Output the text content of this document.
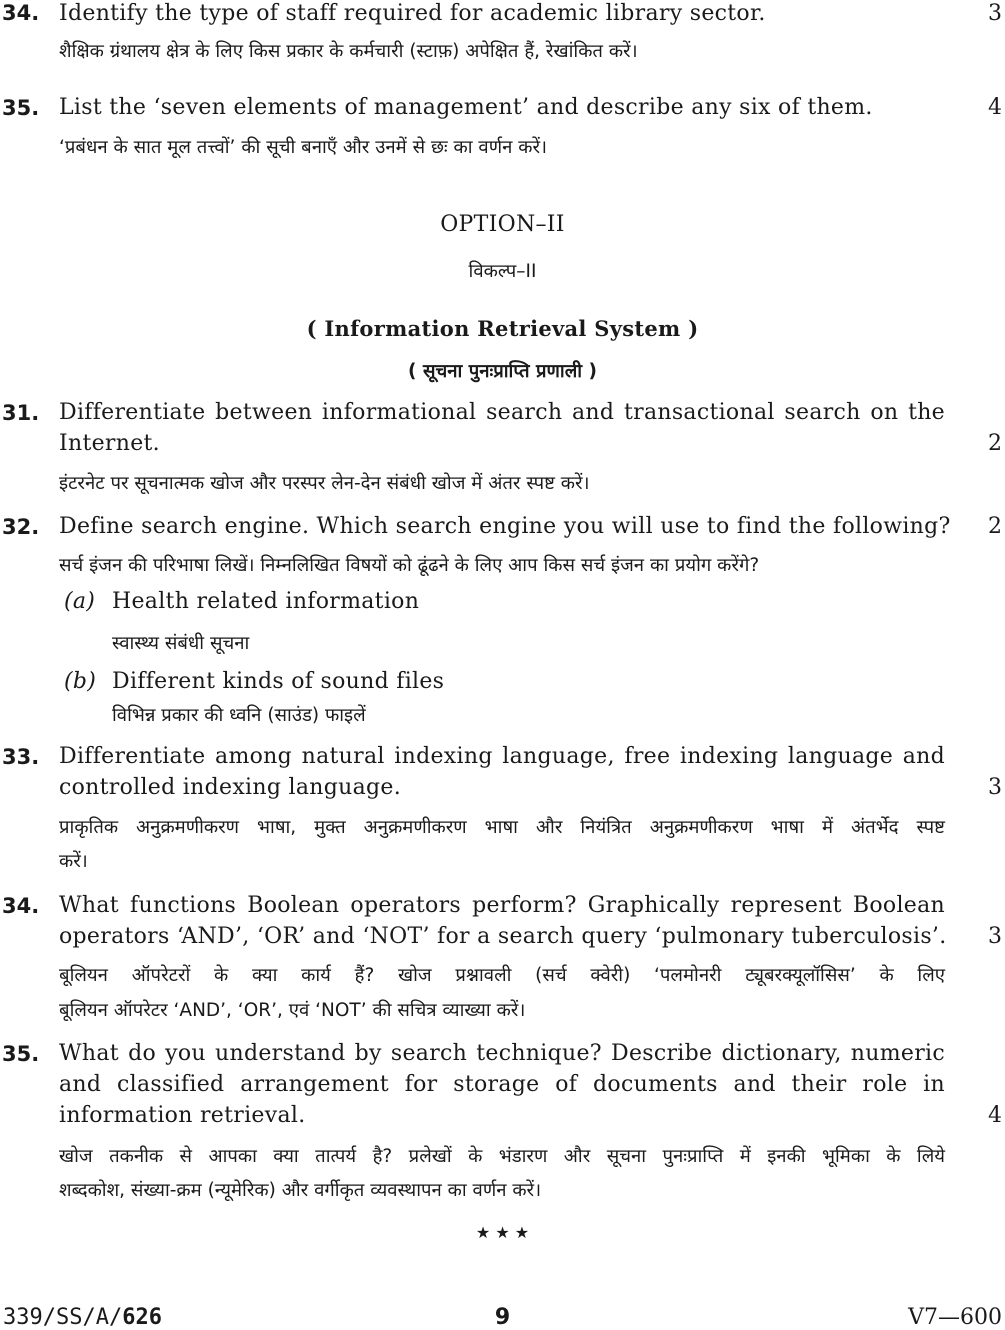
34. Identify the type of staff required for academic library sector.	3
शैक्षिक ग्रंथालय क्षेत्र के लिए किस प्रकार के कर्मचारी (स्टाफ़) अपेक्षित हैं, रेखांकित करें।
35. List the ‘seven elements of management’ and describe any six of them.	4
‘प्रबंधन के सात मूल तत्त्वों’ की सूची बनाएँ और उनमें से छः का वर्णन करें।
OPTION–II
विकल्प–II
( Information Retrieval System )
( सूचना पुनःप्राप्ति प्रणाली )
31. Differentiate between informational search and transactional search on the
Internet.	2
इंटरनेट पर सूचनात्मक खोज और परस्पर लेन-देन संबंधी खोज में अंतर स्पष्ट करें।
32. Define search engine. Which search engine you will use to find the following? 2
सर्च इंजन की परिभाषा लिखें। निम्नलिखित विषयों को ढूंढने के लिए आप किस सर्च इंजन का प्रयोग करेंगे?
(a) Health related information
स्वास्थ्य संबंधी सूचना
(b) Different kinds of sound files
विभिन्न प्रकार की ध्वनि (साउंड) फाइलें
33. Differentiate among natural indexing language, free indexing language and
controlled indexing language.	3
प्राकृतिक अनुक्रमणीकरण भाषा, मुक्त अनुक्रमणीकरण भाषा और नियंत्रित अनुक्रमणीकरण भाषा में अंतर्भेद स्पष्ट
करें।
34. What functions Boolean operators perform? Graphically represent Boolean
operators ‘AND’, ‘OR’ and ‘NOT’ for a search query ‘pulmonary tuberculosis’. 3
बूलियन ऑपरेटरों के क्या कार्य हैं? खोज प्रश्नावली (सर्च क्वेरी) ‘पलमोनरी ट्यूबरक्यूलॉसिस’ के लिए
बूलियन ऑपरेटर ‘AND’, ‘OR’, एवं ‘NOT’ की सचित्र व्याख्या करें।
35. What do you understand by search technique? Describe dictionary, numeric
and classified arrangement for storage of documents and their role in
information retrieval.	4
खोज तकनीक से आपका क्या तात्पर्य है? प्रलेखों के भंडारण और सूचना पुनःप्राप्ति में इनकी भूमिका के लिये
शब्दकोश, संख्या-क्रम (न्यूमेरिक) और वर्गीकृत व्यवस्थापन का वर्णन करें।
★ ★ ★
339/SS/A/626	9	V7—600
